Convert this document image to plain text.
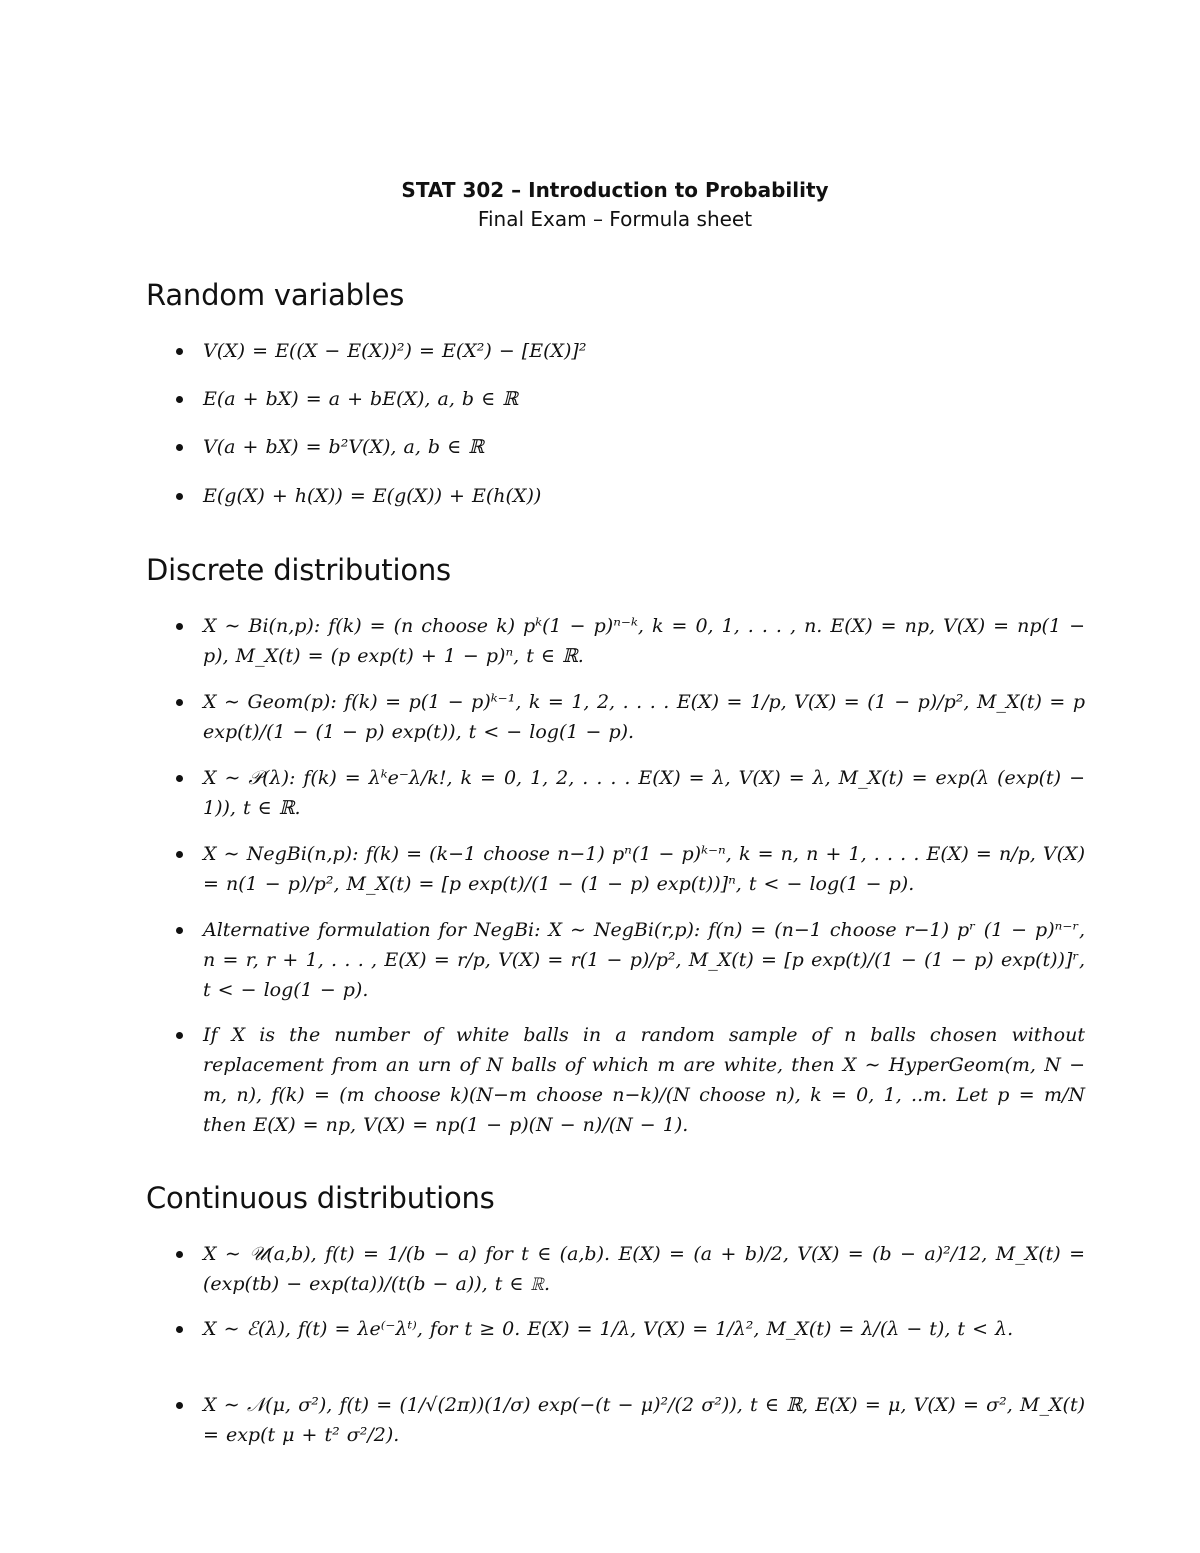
STAT 302 – Introduction to Probability
Final Exam – Formula sheet
Random variables
V(X) = E((X − E(X))²) = E(X²) − [E(X)]²
E(a + bX) = a + bE(X), a, b ∈ ℝ
V(a + bX) = b²V(X), a, b ∈ ℝ
E(g(X) + h(X)) = E(g(X)) + E(h(X))
Discrete distributions
X ∼ Bi(n,p): f(k) = (n choose k) pᵏ(1 − p)ⁿ⁻ᵏ, k = 0, 1, . . . , n. E(X) = np, V(X) = np(1 − p), M_X(t) = (p exp(t) + 1 − p)ⁿ, t ∈ ℝ.
X ∼ Geom(p): f(k) = p(1 − p)ᵏ⁻¹, k = 1, 2, . . . . E(X) = 1/p, V(X) = (1 − p)/p², M_X(t) = p exp(t)/(1 − (1 − p) exp(t)), t < − log(1 − p).
X ∼ 𝒫(λ): f(k) = λᵏe⁻λ/k!, k = 0, 1, 2, . . . . E(X) = λ, V(X) = λ, M_X(t) = exp(λ (exp(t) − 1)), t ∈ ℝ.
X ∼ NegBi(n,p): f(k) = (k−1 choose n−1) pⁿ(1 − p)ᵏ⁻ⁿ, k = n, n + 1, . . . . E(X) = n/p, V(X) = n(1 − p)/p², M_X(t) = [p exp(t)/(1 − (1 − p) exp(t))]ⁿ, t < − log(1 − p).
Alternative formulation for NegBi: X ∼ NegBi(r,p): f(n) = (n−1 choose r−1) pʳ (1 − p)ⁿ⁻ʳ, n = r, r + 1, . . . , E(X) = r/p, V(X) = r(1 − p)/p², M_X(t) = [p exp(t)/(1 − (1 − p) exp(t))]ʳ, t < − log(1 − p).
If X is the number of white balls in a random sample of n balls chosen without replacement from an urn of N balls of which m are white, then X ∼ HyperGeom(m, N − m, n), f(k) = (m choose k)(N−m choose n−k)/(N choose n), k = 0, 1, ..m. Let p = m/N then E(X) = np, V(X) = np(1 − p)(N − n)/(N − 1).
Continuous distributions
X ∼ 𝒰(a,b), f(t) = 1/(b − a) for t ∈ (a,b). E(X) = (a + b)/2, V(X) = (b − a)²/12, M_X(t) = (exp(tb) − exp(ta))/(t(b − a)), t ∈ ℝ.
X ∼ ℰ(λ), f(t) = λe⁽⁻λᵗ⁾, for t ≥ 0. E(X) = 1/λ, V(X) = 1/λ², M_X(t) = λ/(λ − t), t < λ.
X ∼ 𝒩(μ, σ²), f(t) = (1/√(2π))(1/σ) exp(−(t − μ)²/(2 σ²)), t ∈ ℝ, E(X) = μ, V(X) = σ², M_X(t) = exp(t μ + t² σ²/2).
